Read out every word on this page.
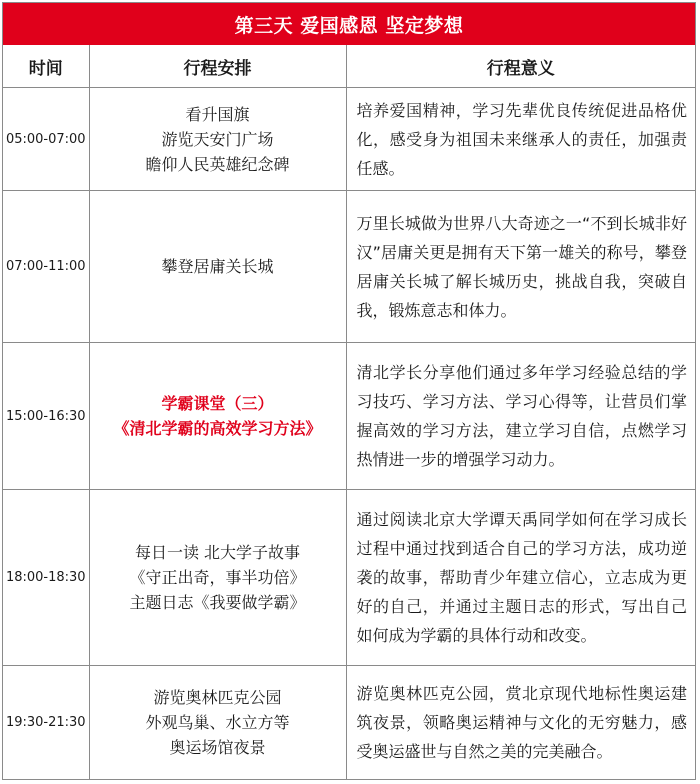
第三天 爱国感恩 坚定梦想
时间	行程安排	行程意义
05:00-07:00	看升国旗
游览天安门广场
瞻仰人民英雄纪念碑	培养爱国精神，学习先辈优良传统促进品格优化，感受身为祖国未来继承人的责任，加强责任感。
07:00-11:00	攀登居庸关长城	万里长城做为世界八大奇迹之一“不到长城非好汉”居庸关更是拥有天下第一雄关的称号，攀登居庸关长城了解长城历史，挑战自我，突破自我，锻炼意志和体力。
15:00-16:30	学霸课堂（三）
《清北学霸的高效学习方法》	清北学长分享他们通过多年学习经验总结的学习技巧、学习方法、学习心得等，让营员们掌握高效的学习方法，建立学习自信，点燃学习热情进一步的增强学习动力。
18:00-18:30	每日一读 北大学子故事
《守正出奇，事半功倍》
主题日志《我要做学霸》	通过阅读北京大学谭天禹同学如何在学习成长过程中通过找到适合自己的学习方法，成功逆袭的故事，帮助青少年建立信心，立志成为更好的自己，并通过主题日志的形式，写出自己如何成为学霸的具体行动和改变。
19:30-21:30	游览奥林匹克公园
外观鸟巢、水立方等
奥运场馆夜景	游览奥林匹克公园，赏北京现代地标性奥运建筑夜景，领略奥运精神与文化的无穷魅力，感受奥运盛世与自然之美的完美融合。
